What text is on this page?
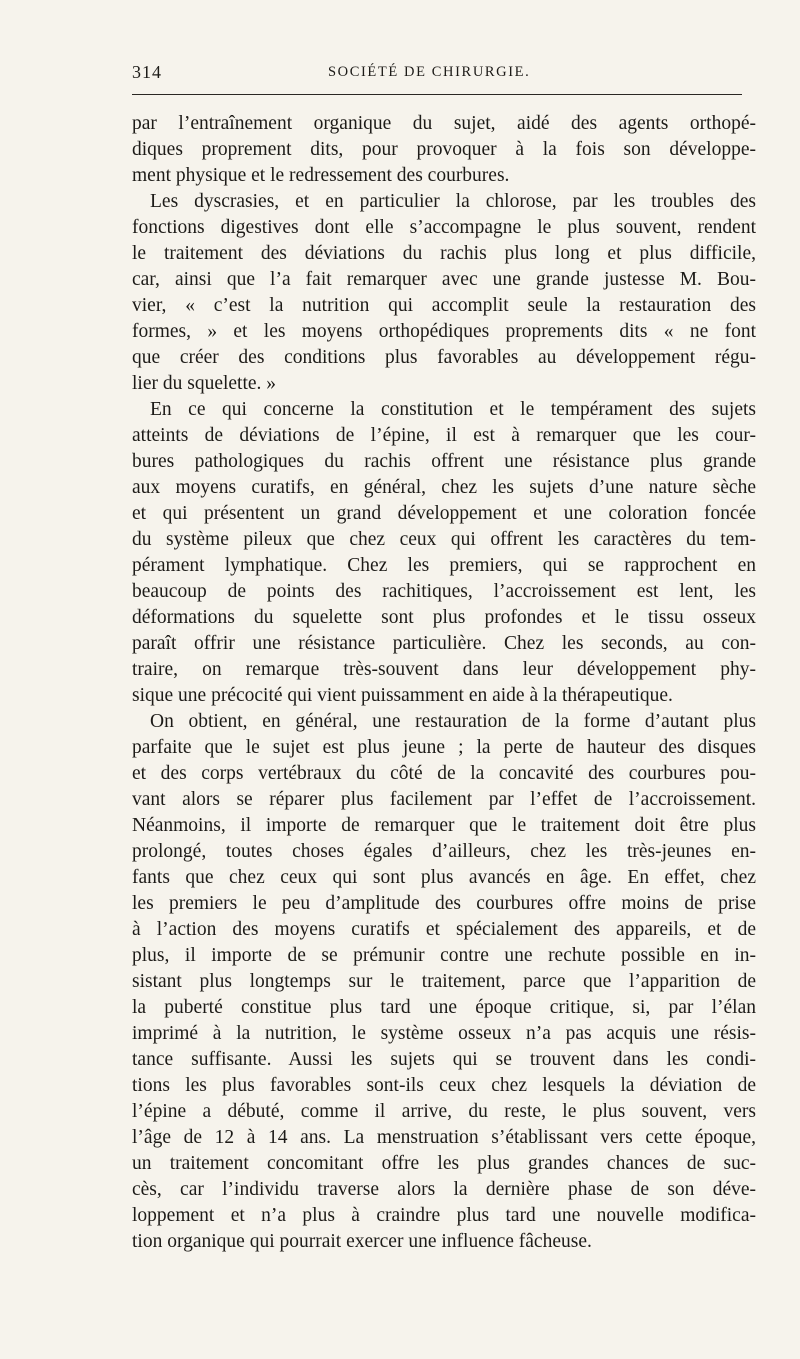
314	SOCIÉTÉ DE CHIRURGIE.
par l’entraînement organique du sujet, aidé des agents orthopé-
diques proprement dits, pour provoquer à la fois son développe-
ment physique et le redressement des courbures.
Les dyscrasies, et en particulier la chlorose, par les troubles des
fonctions digestives dont elle s’accompagne le plus souvent, rendent
le traitement des déviations du rachis plus long et plus difficile,
car, ainsi que l’a fait remarquer avec une grande justesse M. Bou-
vier, « c’est la nutrition qui accomplit seule la restauration des
formes, » et les moyens orthopédiques proprements dits « ne font
que créer des conditions plus favorables au développement régu-
lier du squelette. »
En ce qui concerne la constitution et le tempérament des sujets
atteints de déviations de l’épine, il est à remarquer que les cour-
bures pathologiques du rachis offrent une résistance plus grande
aux moyens curatifs, en général, chez les sujets d’une nature sèche
et qui présentent un grand développement et une coloration foncée
du système pileux que chez ceux qui offrent les caractères du tem-
pérament lymphatique. Chez les premiers, qui se rapprochent en
beaucoup de points des rachitiques, l’accroissement est lent, les
déformations du squelette sont plus profondes et le tissu osseux
paraît offrir une résistance particulière. Chez les seconds, au con-
traire, on remarque très-souvent dans leur développement phy-
sique une précocité qui vient puissamment en aide à la thérapeutique.
On obtient, en général, une restauration de la forme d’autant plus
parfaite que le sujet est plus jeune ; la perte de hauteur des disques
et des corps vertébraux du côté de la concavité des courbures pou-
vant alors se réparer plus facilement par l’effet de l’accroissement.
Néanmoins, il importe de remarquer que le traitement doit être plus
prolongé, toutes choses égales d’ailleurs, chez les très-jeunes en-
fants que chez ceux qui sont plus avancés en âge. En effet, chez
les premiers le peu d’amplitude des courbures offre moins de prise
à l’action des moyens curatifs et spécialement des appareils, et de
plus, il importe de se prémunir contre une rechute possible en in-
sistant plus longtemps sur le traitement, parce que l’apparition de
la puberté constitue plus tard une époque critique, si, par l’élan
imprimé à la nutrition, le système osseux n’a pas acquis une résis-
tance suffisante. Aussi les sujets qui se trouvent dans les condi-
tions les plus favorables sont-ils ceux chez lesquels la déviation de
l’épine a débuté, comme il arrive, du reste, le plus souvent, vers
l’âge de 12 à 14 ans. La menstruation s’établissant vers cette époque,
un traitement concomitant offre les plus grandes chances de suc-
cès, car l’individu traverse alors la dernière phase de son déve-
loppement et n’a plus à craindre plus tard une nouvelle modifica-
tion organique qui pourrait exercer une influence fâcheuse.
